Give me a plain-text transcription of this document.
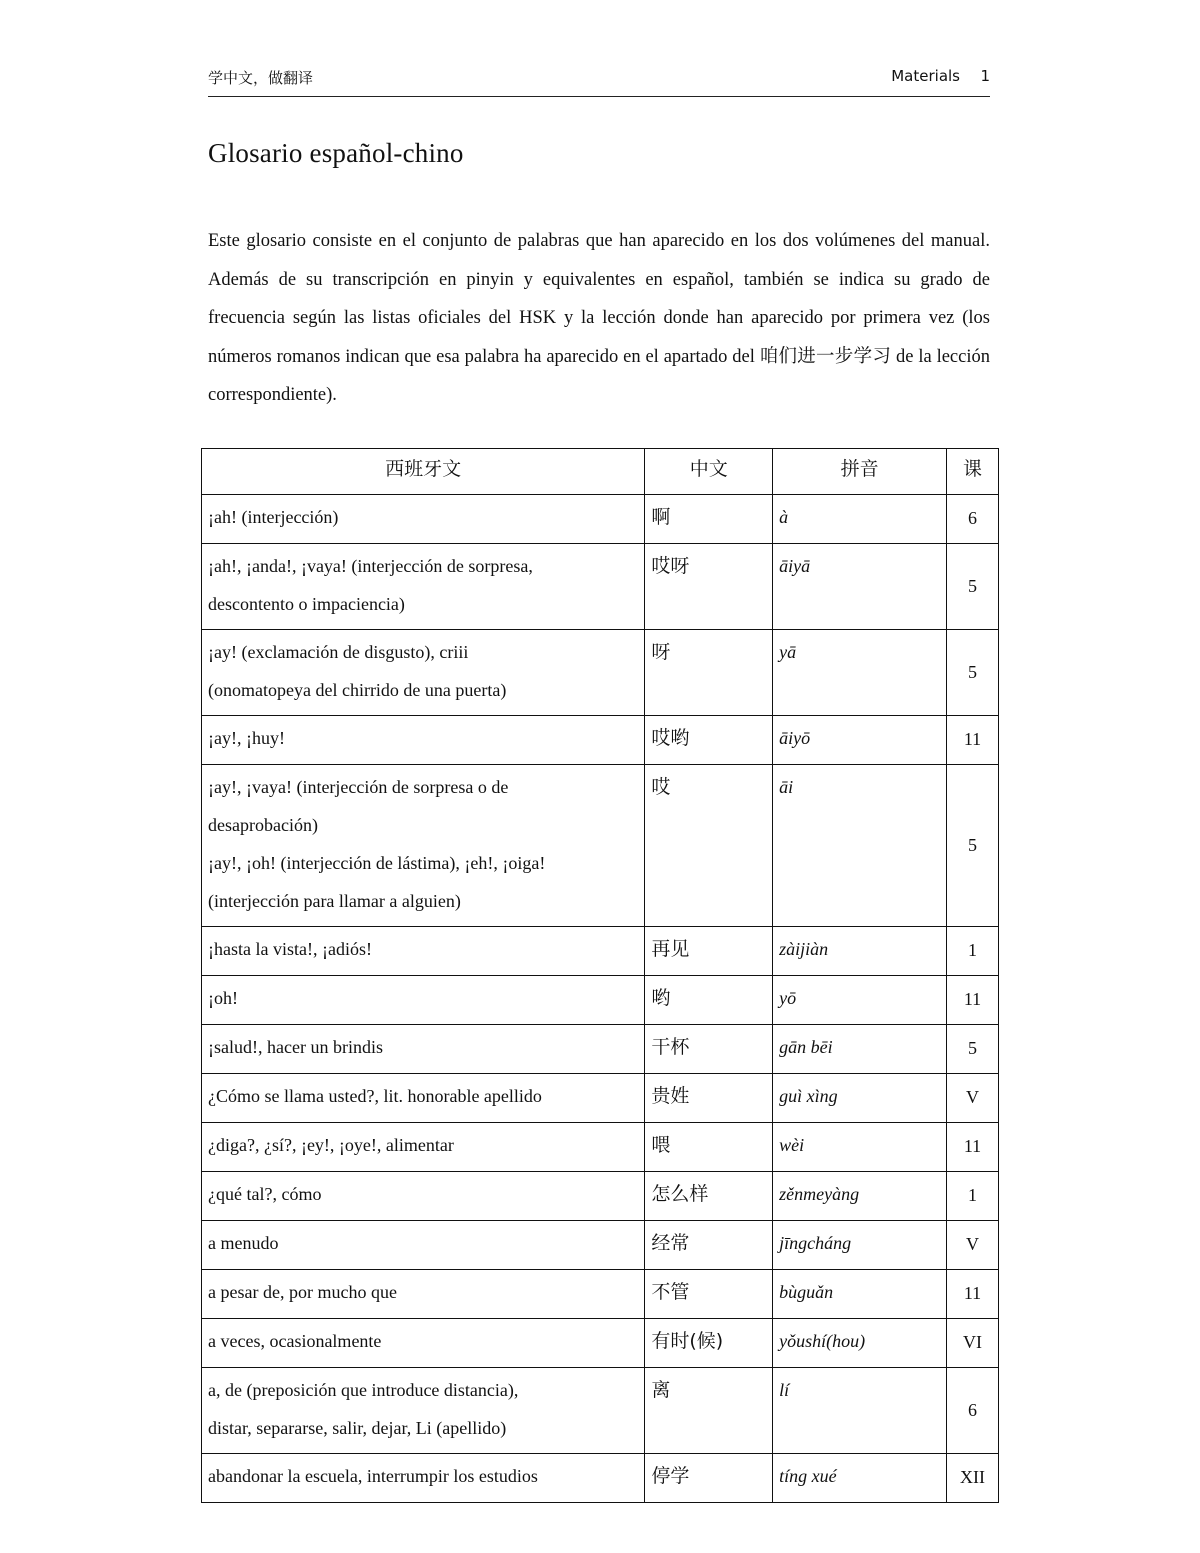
学中文，做翻译	Materials 1
Glosario español-chino

Este glosario consiste en el conjunto de palabras que han aparecido en los dos volúmenes del manual. Además de su transcripción en pinyin y equivalentes en español, también se indica su grado de frecuencia según las listas oficiales del HSK y la lección donde han aparecido por primera vez (los números romanos indican que esa palabra ha aparecido en el apartado del 咱们进一步学习 de la lección correspondiente).

西班牙文	中文	拼音	课

¡ah! (interjección)	啊	à	6

¡ah!, ¡anda!, ¡vaya! (interjección de sorpresa,
descontento o impaciencia)	哎呀	āiyā	5

¡ay! (exclamación de disgusto), criii
(onomatopeya del chirrido de una puerta)	呀	yā	5

¡ay!, ¡huy!	哎哟	āiyō	11

¡ay!, ¡vaya! (interjección de sorpresa o de
desaprobación)
¡ay!, ¡oh! (interjección de lástima), ¡eh!, ¡oiga!
(interjección para llamar a alguien)	哎	āi	5

¡hasta la vista!, ¡adiós!	再见	zàijiàn	1

¡oh!	哟	yō	11

¡salud!, hacer un brindis	干杯	gān bēi	5

¿Cómo se llama usted?, lit. honorable apellido	贵姓	guì xìng	V

¿diga?, ¿sí?, ¡ey!, ¡oye!, alimentar	喂	wèi	11

¿qué tal?, cómo	怎么样	zěnmeyàng	1

a menudo	经常	jīngcháng	V

a pesar de, por mucho que	不管	bùguǎn	11

a veces, ocasionalmente	有时(候)	yǒushí(hou)	VI

a, de (preposición que introduce distancia),
distar, separarse, salir, dejar, Li (apellido)	离	lí	6

abandonar la escuela, interrumpir los estudios	停学	tíng xué	XII
